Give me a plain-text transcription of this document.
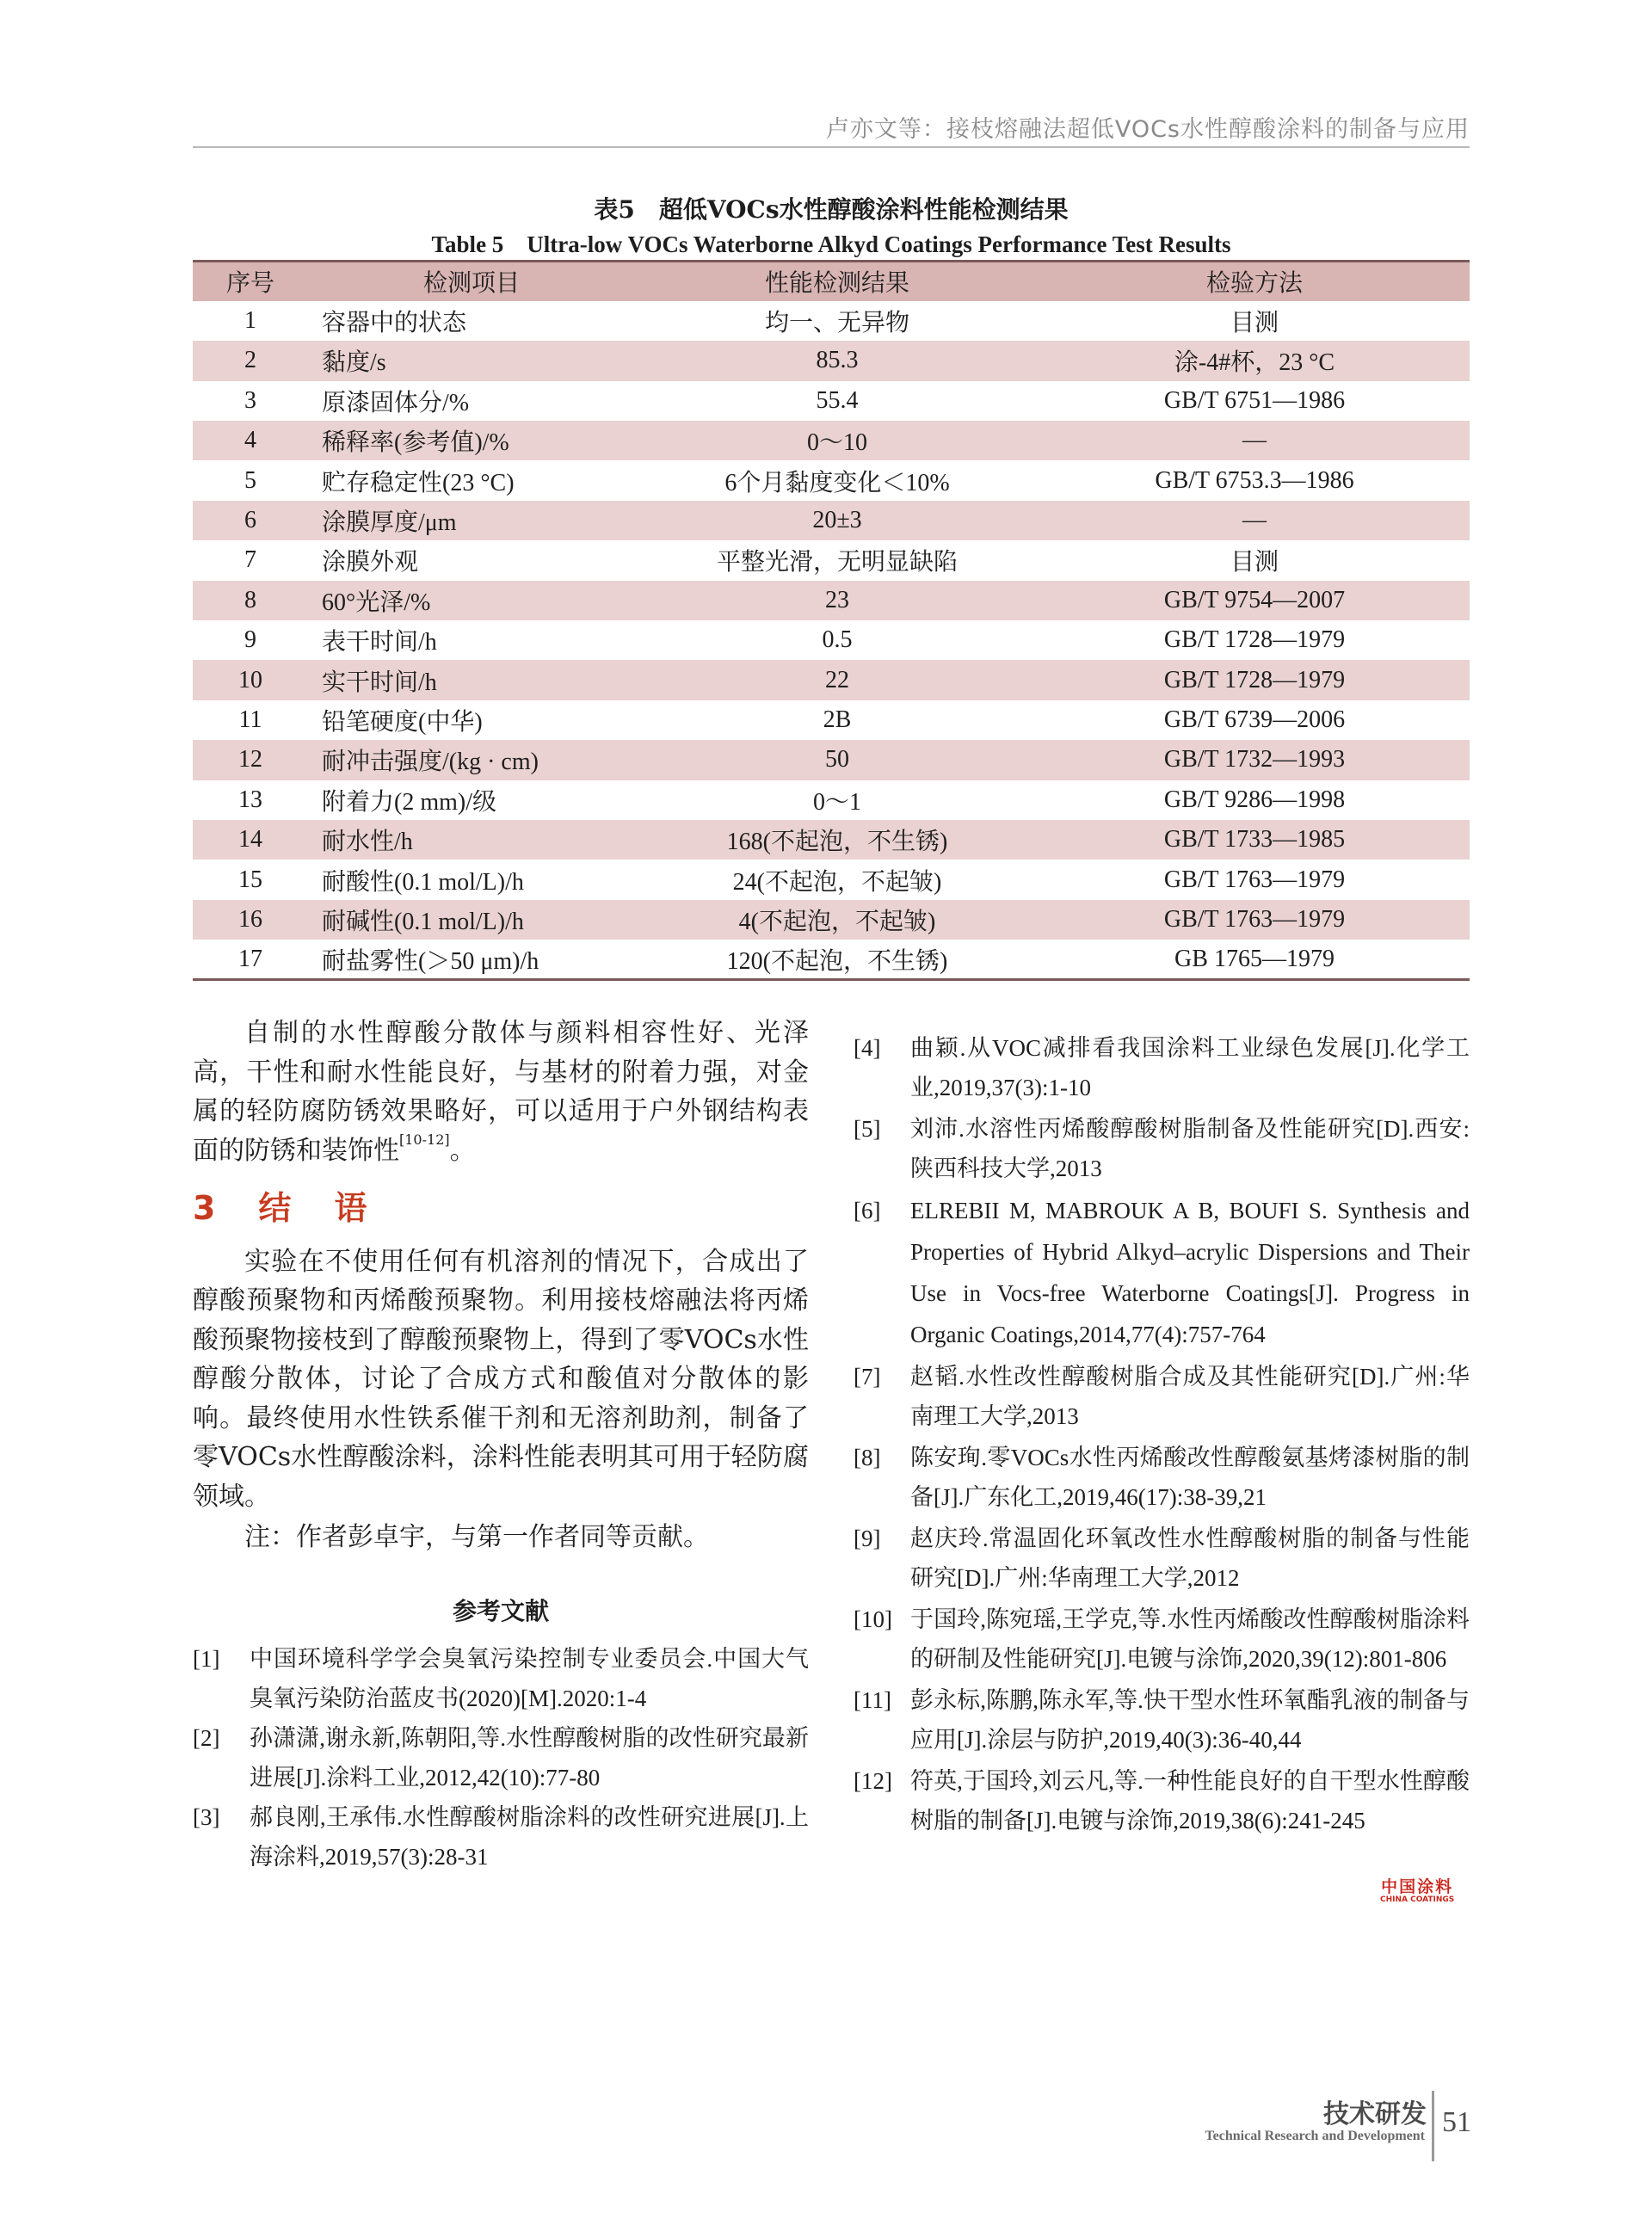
卢亦文等：接枝熔融法超低VOCs水性醇酸涂料的制备与应用
表5　超低VOCs水性醇酸涂料性能检测结果
Table 5　Ultra-low VOCs Waterborne Alkyd Coatings Performance Test Results
序号	检测项目	性能检测结果	检验方法
1	容器中的状态	均一、无异物	目测
2	黏度/s	85.3	涂-4#杯，23 °C
3	原漆固体分/%	55.4	GB/T 6751—1986
4	稀释率(参考值)/%	0～10	—
5	贮存稳定性(23 °C)	6个月黏度变化＜10%	GB/T 6753.3—1986
6	涂膜厚度/μm	20±3	—
7	涂膜外观	平整光滑，无明显缺陷	目测
8	60°光泽/%	23	GB/T 9754—2007
9	表干时间/h	0.5	GB/T 1728—1979
10	实干时间/h	22	GB/T 1728—1979
11	铅笔硬度(中华)	2B	GB/T 6739—2006
12	耐冲击强度/(kg · cm)	50	GB/T 1732—1993
13	附着力(2 mm)/级	0～1	GB/T 9286—1998
14	耐水性/h	168(不起泡，不生锈)	GB/T 1733—1985
15	耐酸性(0.1 mol/L)/h	24(不起泡，不起皱)	GB/T 1763—1979
16	耐碱性(0.1 mol/L)/h	4(不起泡，不起皱)	GB/T 1763—1979
17	耐盐雾性(＞50 μm)/h	120(不起泡，不生锈)	GB 1765—1979

自制的水性醇酸分散体与颜料相容性好、光泽高，干性和耐水性能良好，与基材的附着力强，对金属的轻防腐防锈效果略好，可以适用于户外钢结构表面的防锈和装饰性[10-12]。

3　结　语

实验在不使用任何有机溶剂的情况下，合成出了醇酸预聚物和丙烯酸预聚物。利用接枝熔融法将丙烯酸预聚物接枝到了醇酸预聚物上，得到了零VOCs水性醇酸分散体，讨论了合成方式和酸值对分散体的影响。最终使用水性铁系催干剂和无溶剂助剂，制备了零VOCs水性醇酸涂料，涂料性能表明其可用于轻防腐领域。

注：作者彭卓宇，与第一作者同等贡献。

参考文献
[1]	中国环境科学学会臭氧污染控制专业委员会.中国大气臭氧污染防治蓝皮书(2020)[M].2020:1-4
[2]	孙潇潇,谢永新,陈朝阳,等.水性醇酸树脂的改性研究最新进展[J].涂料工业,2012,42(10):77-80
[3]	郝良刚,王承伟.水性醇酸树脂涂料的改性研究进展[J].上海涂料,2019,57(3):28-31
[4]	曲颖.从VOC减排看我国涂料工业绿色发展[J].化学工业,2019,37(3):1-10
[5]	刘沛.水溶性丙烯酸醇酸树脂制备及性能研究[D].西安:陕西科技大学,2013
[6]	ELREBII M, MABROUK A B, BOUFI S. Synthesis and Properties of Hybrid Alkyd–acrylic Dispersions and Their Use in Vocs-free Waterborne Coatings[J]. Progress in Organic Coatings,2014,77(4):757-764
[7]	赵韬.水性改性醇酸树脂合成及其性能研究[D].广州:华南理工大学,2013
[8]	陈安珣.零VOCs水性丙烯酸改性醇酸氨基烤漆树脂的制备[J].广东化工,2019,46(17):38-39,21
[9]	赵庆玲.常温固化环氧改性水性醇酸树脂的制备与性能研究[D].广州:华南理工大学,2012
[10] 于国玲,陈宛瑶,王学克,等.水性丙烯酸改性醇酸树脂涂料的研制及性能研究[J].电镀与涂饰,2020,39(12):801-806
[11] 彭永标,陈鹏,陈永军,等.快干型水性环氧酯乳液的制备与应用[J].涂层与防护,2019,40(3):36-40,44
[12] 符英,于国玲,刘云凡,等.一种性能良好的自干型水性醇酸树脂的制备[J].电镀与涂饰,2019,38(6):241-245
中国涂料
CHINA COATINGS
技术研发
Technical Research and Development 51
